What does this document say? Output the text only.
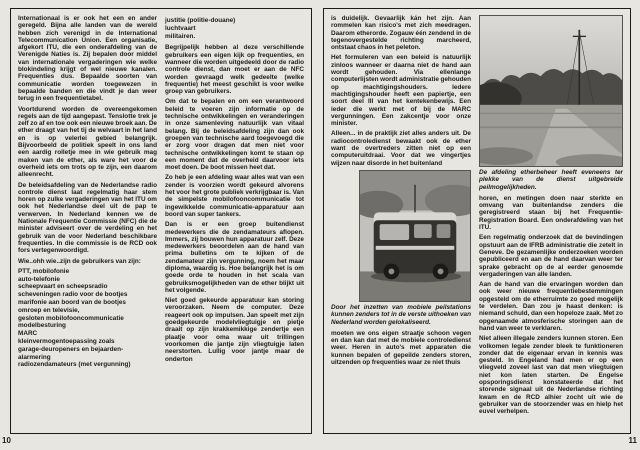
Internationaal is er ook het een en ander geregeld. Bijna alle landen van de wereld hebben zich verenigd in de International Telecommunication Union. Een organisatie, afgekort ITU, die een onderafdeling van de Verenigde Naties is. Zij bepalen door middel van internationale vergaderingen wie welke blokindeling krijgt of wel nieuwe kanalen. Frequenties dus. Bepaalde soorten van communicatie worden toegewezen in bepaalde banden en die vindt je dan weer terug in een frequentietabel.

Voortdurend worden de overeengekomen regels aan de tijd aangepast. Tenslotte trek je zelf zo af en toe ook een nieuwe broek aan. De ether draagt van het tij de welvaart in het land en is op velerlei gebied belangrijk. Bijvoorbeeld de politiek speelt in ons land een aardig rolletje mee in wie gebruik mag maken van de ether, als ware het voor de overheid iets om trots op te zijn, een daarom alleenrecht.

De beleidsafdeling van de Nederlandse radio controle dienst laat regelmatig haar stem horen op zulke vergaderingen van het ITU om ook het Nederlandse deel uit de pap te verwerven. In Nederland kennen we de Nationale Frequentie Commissie (NFC) die de minister adviseert over de verdeling en het gebruik van de voor Nederland beschikbare frequenties. In die commissie is de RCD ook fors vertegenwoordigd.

Wie..ohh wie..zijn de gebruikers van zijn:

PTT, mobilofonie
auto-telefonie
scheepvaart en scheepsradio
scheveningen radio voor de bootjes
marifonie aan boord van de bootjes
omroep en televisie,
gesloten mobilofooncommunicatie
modelbesturing
MARC
kleinvermogentoepassing zoals
garage-deuropeners en bejaarden-
alarmering
radiozendamateurs (met vergunning)
justitie (politie-douane)
luchtvaart
militairen.

Begrijpelijk hebben al deze verschillende gebruikers een eigen kijk op frequenties, en wanneer die worden uitgedeeld door de radio controle dienst, dan moet er aan de NFC worden gevraagd welk gedeelte (welke frequentie) het meest geschikt is voor welke groep van gebruikers.

Om dat te bepalen en om een verantwoord beleid te voeren zijn informatie op de technische ontwikkelingen en veranderingen in onze samenleving natuurlijk van vitaal belang. Bij de beleidsafdeling zijn dan ook groepen van technische aard toegevoegd die er zorg voor dragen dat men niet voor technische ontwikkelingen komt te staan op een moment dat de overheid daarvoor iets moet doen. De boot missen heet dat.

Zo heb je een afdeling waar alles wat van een zender is voorzien wordt gekeurd alvorens het voor het grote publiek verkrijgbaar is. Van de simpelste mobilofooncommunicatie tot ingewikkelde communicatie-apparatuur aan boord van super tankers.

Dan is er een groep buitendienst medewerkers die de zendamateurs aflopen. Immers, zij bouwen hun apparatuur zelf. Deze medewerkers beoordelen aan de hand van prima bulletins om te kijken of de zendamateur zijn vergunning, noem het maar diploma, waardig is. Hoe belangrijk het is om goede orde te houden in het scala van gebruiksmogelijkheden van de ether blijkt uit het volgende.

Niet goed gekeurde apparatuur kan storing veroorzaken. Neem de computer. Deze reageert ook op impulsen. Jan speelt met zijn goedgekeurde modelvliegtuigje en pietje draait op zijn krakkemikkige zendertje een plaatje voor oma waar uit trillingen voorkomen die jantje zijn vliegtuigje laten neerstorten. Lullig voor jantje maar de onderton

is duidelijk. Gevaarlijk kán het zijn. Aan rommelen kan risico's met zich meedragen. Daarom etherorde. Zogauw één zendend in de tegenovergestelde richting marcheerd, ontstaat chaos in het peleton.

Het formuleren van een beleid is natuurlijk zinloos wanneer er daarna niet de hand aan wordt gehouden. Via ellenlange computerlijsten wordt administratie gehouden op machtigingshouders. Iedere machtigingshouder heeft een papiertje, een soort deel III van het kentekenbewijs. Een ieder die werkt met of bij de MARC vergunningen. Een zakcentje voor onze minister.

Alleen... in de praktijk ziet alles anders uit. De radiocontroledienst bewaakt ook de ether want de overtreders zitten niet op een computeruitdraai. Voor dat we vingertjes wijzen naar disorde in het buitenland

Door het inzetten van mobiele peilstations kunnen zenders tot in de verste uithoeken van Nederland worden gelokaliseerd.

moeten we ons eigen straatje schoon vegen en dan kan dat met de mobiele controledienst weer. Heren in auto's met apparaten die kunnen bepalen of gepeilde zenders storen, uitzenden op frequenties waar ze niet thuis

De afdeling etherbeheer heeft eveneens ter plekke van de dienst uitgebreide peilmogelijkheden.

horen, en metingen doen naar sterkte en omvang van buitenlandse zenders die geregistreerd staan bij het Frequentie-Registration Board. Een onderafdeling van het ITU.

Een regelmatig onderzoek dat de bevindingen opstuurt aan de IFRB administratie die zetelt in Geneve. De gezamenlijke onderzoeken worden gepubliceerd en aan de hand daarvan weer ter sprake gebracht op de al eerder genoemde vergaderingen van alle landen.

Aan de hand van die ervaringen worden dan ook weer nieuwe frequentiebestemmingen opgesteld om de etherruimte zo goed mogelijk te verdelen. Dan zou je haast denken: is niemand schuld, dan een hopeloze zaak. Met zo opgenaamde atmosferische storingen aan de hand van weer te verklaren.

Niet alleen illegale zenders kunnen storen. Een volkomen legale zender bleek te funktioneren zonder dat de eigenaar ervan in kennis was gesteld. In Engeland had men er op een vliegveld zoveel last van dat men vliegtuigen niet kon laten starten. De Engelse opsporingsdienst konstateerde dat het storende signaal uit de Nederlandse richting kwam en de RCD alhier zocht uit wie de gebruiker van de stoorzender was en hielp het euvel verhelpen.

10	11
